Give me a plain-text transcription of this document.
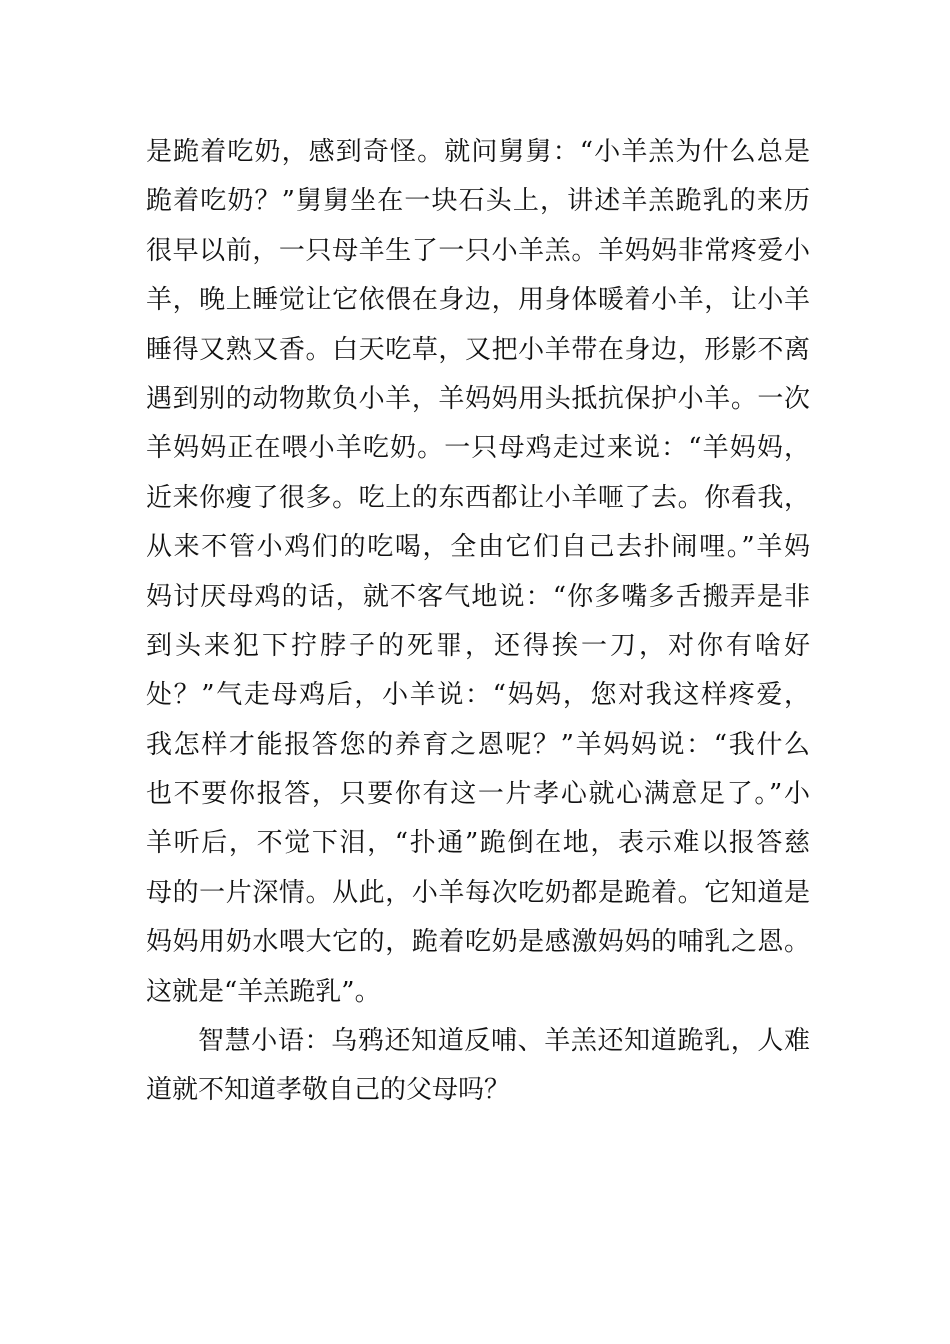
是跪着吃奶，感到奇怪。就问舅舅：“小羊羔为什么总是
跪着吃奶？”舅舅坐在一块石头上，讲述羊羔跪乳的来历
很早以前，一只母羊生了一只小羊羔。羊妈妈非常疼爱小
羊，晚上睡觉让它依偎在身边，用身体暖着小羊，让小羊
睡得又熟又香。白天吃草，又把小羊带在身边，形影不离
遇到别的动物欺负小羊，羊妈妈用头抵抗保护小羊。一次
羊妈妈正在喂小羊吃奶。一只母鸡走过来说：“羊妈妈，
近来你瘦了很多。吃上的东西都让小羊咂了去。你看我，
从来不管小鸡们的吃喝，全由它们自己去扑闹哩。”羊妈
妈讨厌母鸡的话，就不客气地说：“你多嘴多舌搬弄是非
到头来犯下拧脖子的死罪，还得挨一刀，对你有啥好
处？”气走母鸡后，小羊说：“妈妈，您对我这样疼爱，
我怎样才能报答您的养育之恩呢？”羊妈妈说：“我什么
也不要你报答，只要你有这一片孝心就心满意足了。”小
羊听后，不觉下泪，“扑通”跪倒在地，表示难以报答慈
母的一片深情。从此，小羊每次吃奶都是跪着。它知道是
妈妈用奶水喂大它的，跪着吃奶是感激妈妈的哺乳之恩。
这就是“羊羔跪乳”。
智慧小语：乌鸦还知道反哺、羊羔还知道跪乳，人难
道就不知道孝敬自己的父母吗？
